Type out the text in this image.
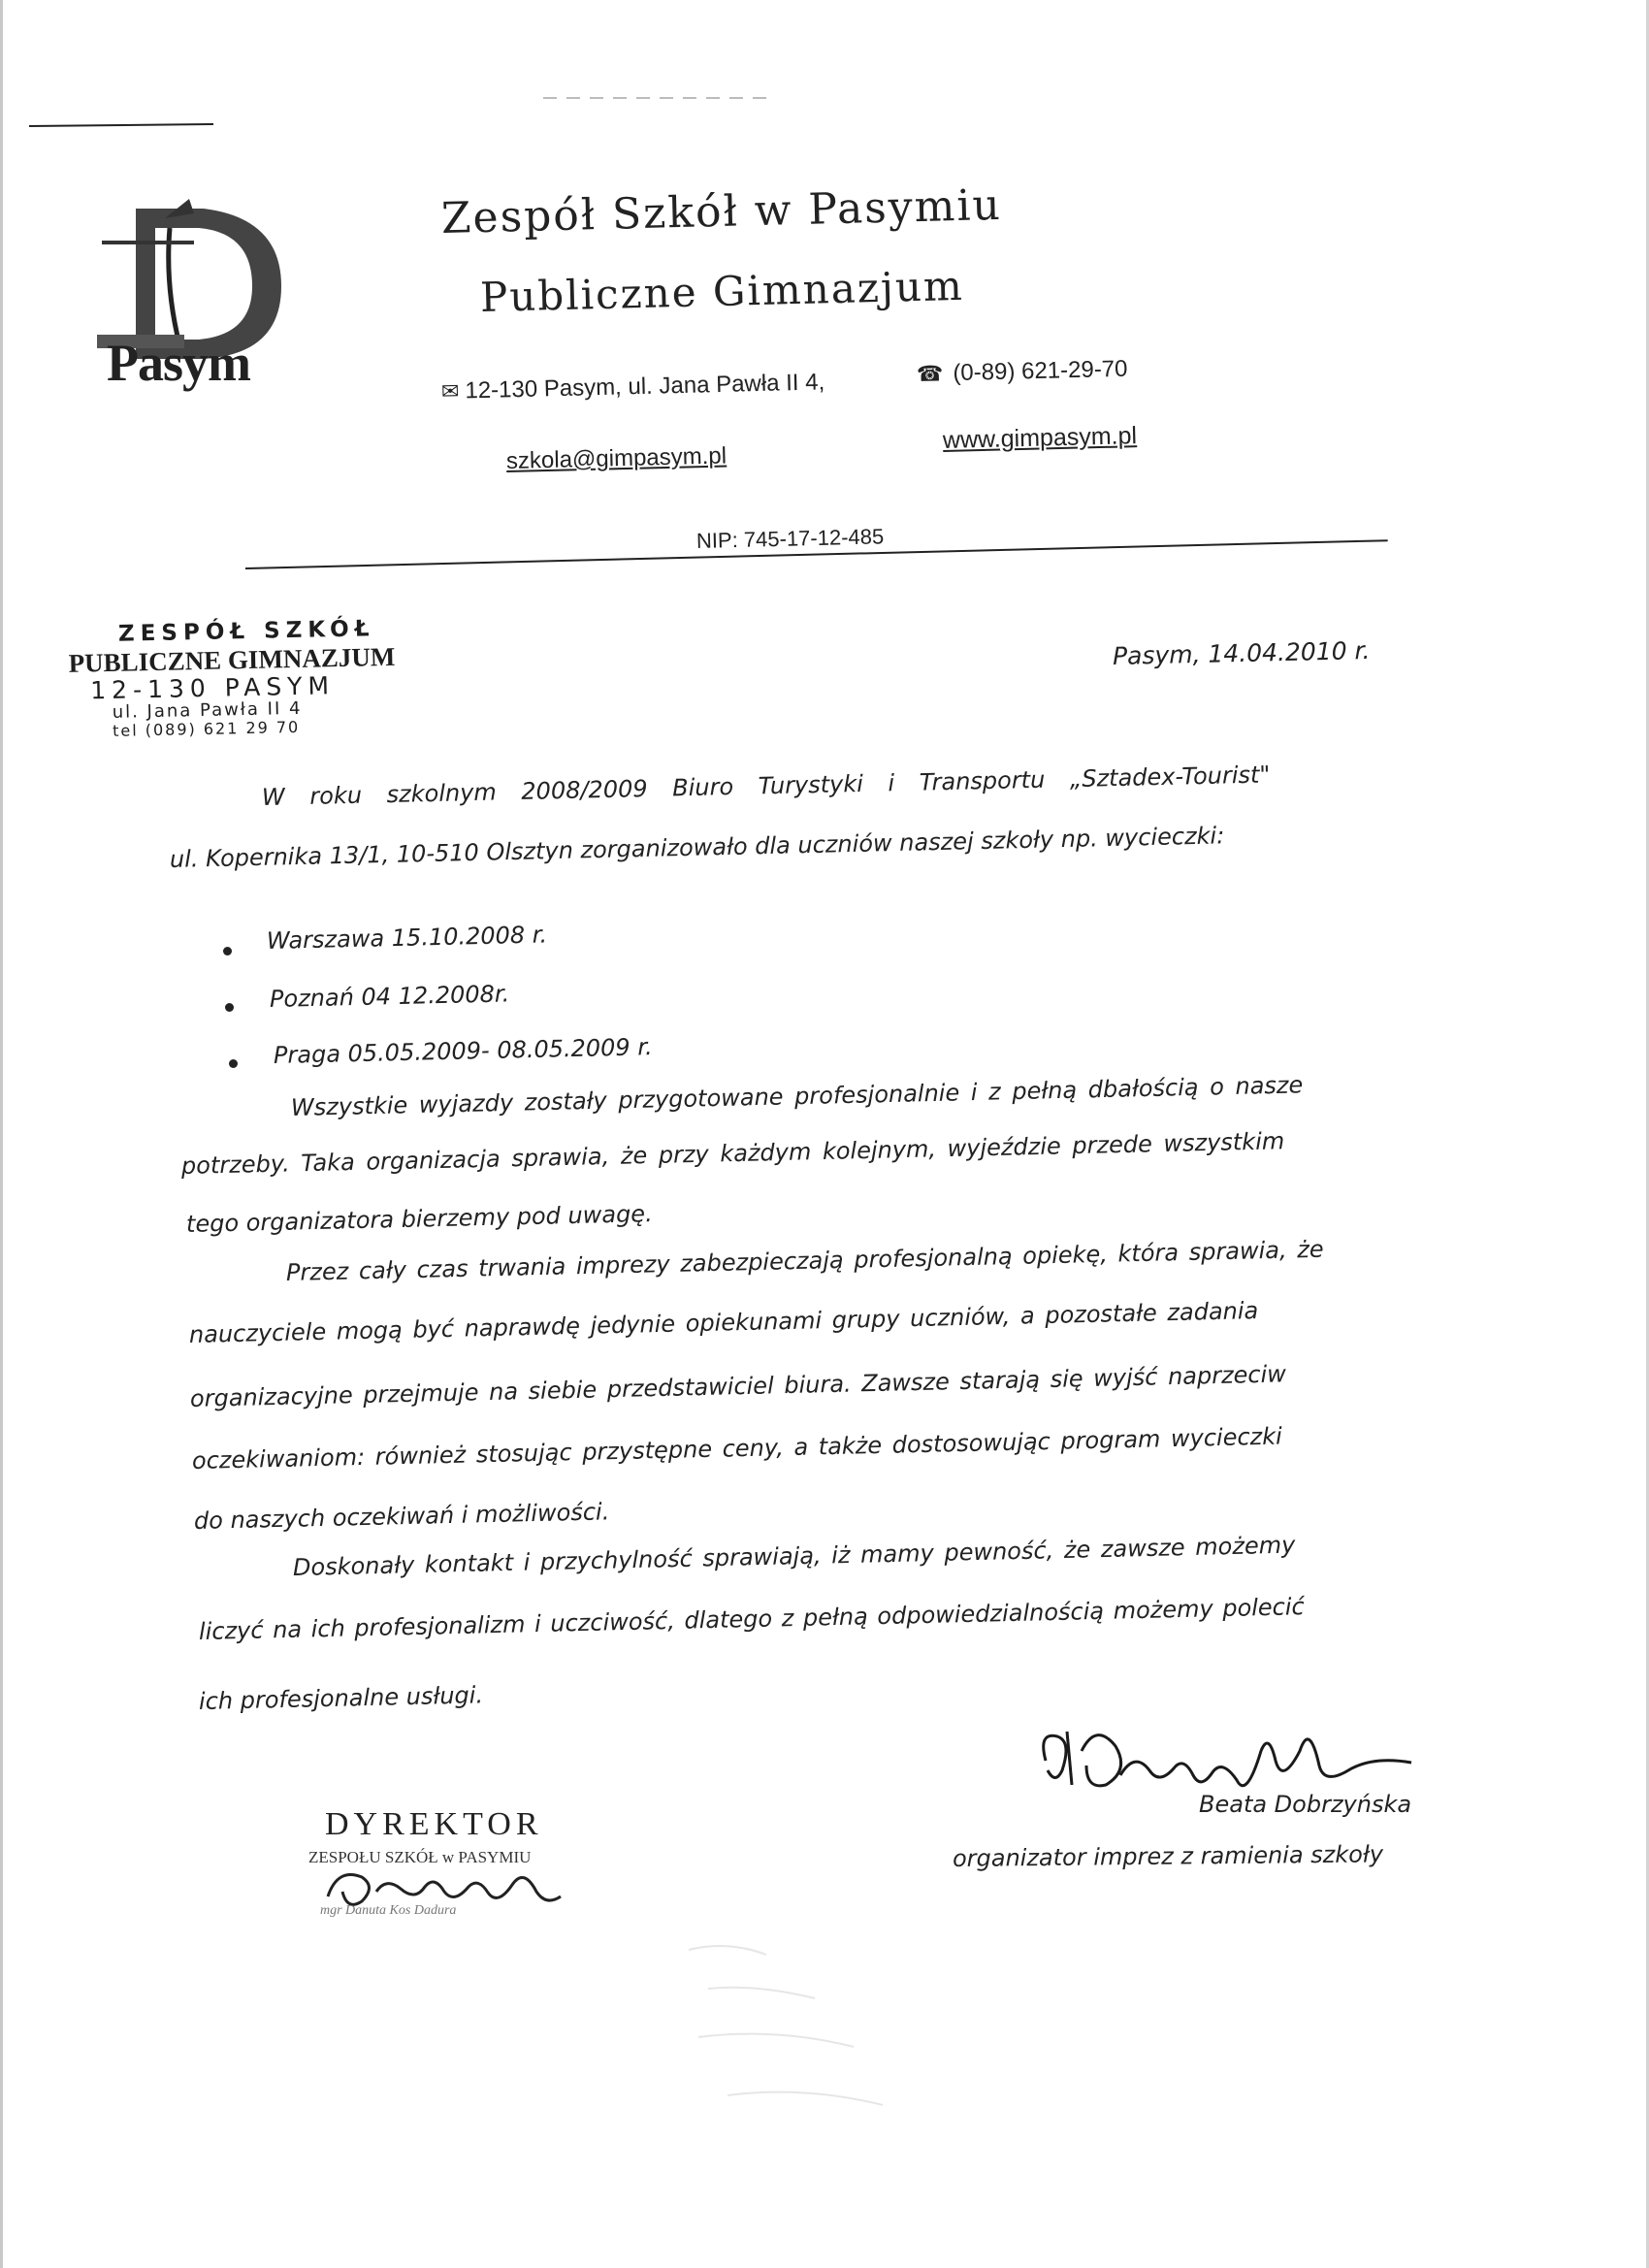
Pasym
Zespół Szkół w Pasymiu
Publiczne Gimnazjum
✉ 12-130 Pasym, ul. Jana Pawła II 4,	☎ (0-89) 621-29-70
szkola@gimpasym.pl
www.gimpasym.pl
NIP: 745-17-12-485
ZESPÓŁ SZKÓŁ
PUBLICZNE GIMNAZJUM
12-130 PASYM
ul. Jana Pawła II 4
tel (089) 621 29 70
Pasym, 14.04.2010 r.
W roku szkolnym 2008/2009 Biuro Turystyki i Transportu „Sztadex-Tourist"
ul. Kopernika 13/1, 10-510 Olsztyn zorganizowało dla uczniów naszej szkoły np. wycieczki:
Warszawa 15.10.2008 r.
Poznań 04 12.2008r.
Praga 05.05.2009- 08.05.2009 r.
Wszystkie wyjazdy zostały przygotowane profesjonalnie i z pełną dbałością o nasze
potrzeby. Taka organizacja sprawia, że przy każdym kolejnym, wyjeździe przede wszystkim
tego organizatora bierzemy pod uwagę.
Przez cały czas trwania imprezy zabezpieczają profesjonalną opiekę, która sprawia, że
nauczyciele mogą być naprawdę jedynie opiekunami grupy uczniów, a pozostałe zadania
organizacyjne przejmuje na siebie przedstawiciel biura. Zawsze starają się wyjść naprzeciw
oczekiwaniom: również stosując przystępne ceny, a także dostosowując program wycieczki
do naszych oczekiwań i możliwości.
Doskonały kontakt i przychylność sprawiają, iż mamy pewność, że zawsze możemy
liczyć na ich profesjonalizm i uczciwość, dlatego z pełną odpowiedzialnością możemy polecić
ich profesjonalne usługi.
DYREKTOR
ZESPOŁU SZKÓŁ w PASYMIU
mgr Danuta Kos Dadura
Beata Dobrzyńska
organizator imprez z ramienia szkoły
